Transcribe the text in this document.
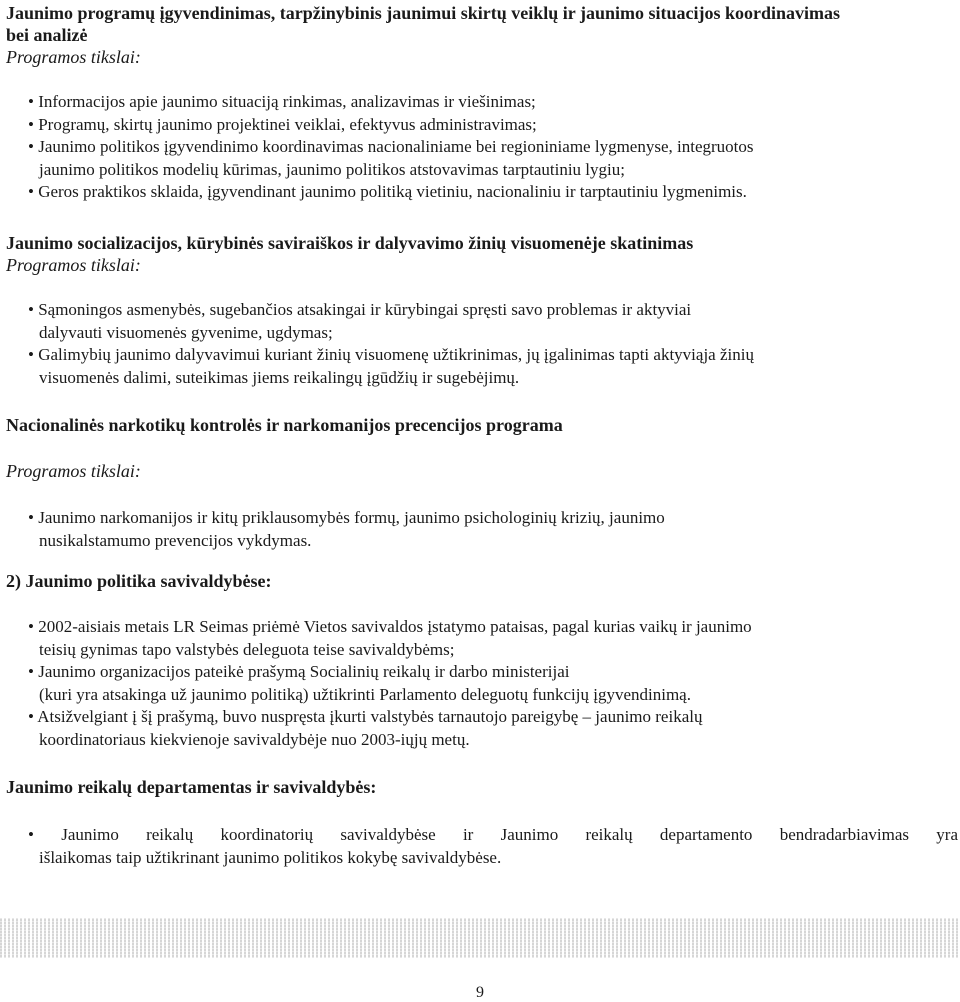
Jaunimo programų įgyvendinimas, tarpžinybinis jaunimui skirtų veiklų ir jaunimo situacijos koordinavimas

bei analizė

Programos tikslai:

• Informacijos apie jaunimo situaciją rinkimas, analizavimas ir viešinimas;
• Programų, skirtų jaunimo projektinei veiklai, efektyvus administravimas;
• Jaunimo politikos įgyvendinimo koordinavimas nacionaliniame bei regioniniame lygmenyse, integruotos
jaunimo politikos modelių kūrimas, jaunimo politikos atstovavimas tarptautiniu lygiu;
• Geros praktikos sklaida, įgyvendinant jaunimo politiką vietiniu, nacionaliniu ir tarptautiniu lygmenimis.

Jaunimo socializacijos, kūrybinės saviraiškos ir dalyvavimo žinių visuomenėje skatinimas

Programos tikslai:

• Sąmoningos asmenybės, sugebančios atsakingai ir kūrybingai spręsti savo problemas ir aktyviai
dalyvauti visuomenės gyvenime, ugdymas;
• Galimybių jaunimo dalyvavimui kuriant žinių visuomenę užtikrinimas, jų įgalinimas tapti aktyviąja žinių
visuomenės dalimi, suteikimas jiems reikalingų įgūdžių ir sugebėjimų.

Nacionalinės narkotikų kontrolės ir narkomanijos precencijos programa

Programos tikslai:

• Jaunimo narkomanijos ir kitų priklausomybės formų, jaunimo psichologinių krizių, jaunimo
nusikalstamumo prevencijos vykdymas.

2) Jaunimo politika savivaldybėse:

• 2002-aisiais metais LR Seimas priėmė Vietos savivaldos įstatymo pataisas, pagal kurias vaikų ir jaunimo
teisių gynimas tapo valstybės deleguota teise savivaldybėms;
• Jaunimo organizacijos pateikė prašymą Socialinių reikalų ir darbo ministerijai
(kuri yra atsakinga už jaunimo politiką) užtikrinti Parlamento deleguotų funkcijų įgyvendinimą.
• Atsižvelgiant į šį prašymą, buvo nuspręsta įkurti valstybės tarnautojo pareigybę – jaunimo reikalų
koordinatoriaus kiekvienoje savivaldybėje nuo 2003-iųjų metų.

Jaunimo reikalų departamentas ir savivaldybės:

• Jaunimo reikalų koordinatorių savivaldybėse ir Jaunimo reikalų departamento bendradarbiavimas yra
išlaikomas taip užtikrinant jaunimo politikos kokybę savivaldybėse.
9
